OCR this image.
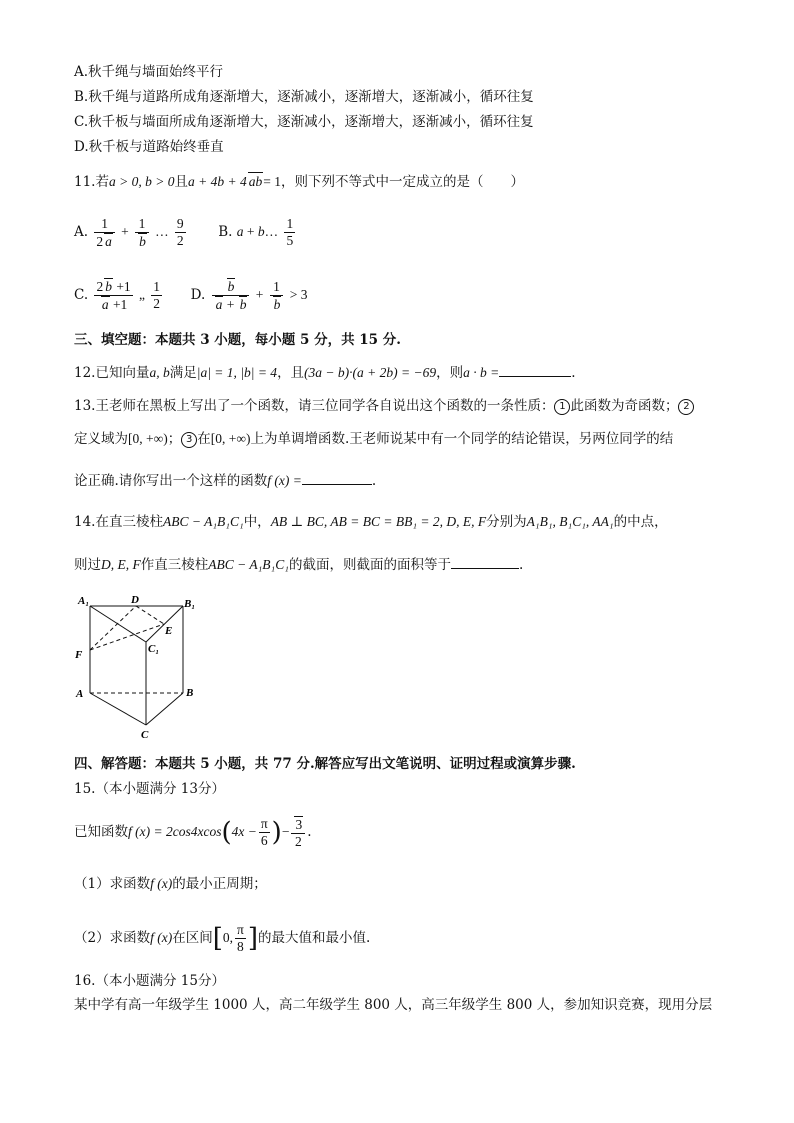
A.秋千绳与墙面始终平行
B.秋千绳与道路所成角逐渐增大，逐渐减小，逐渐增大，逐渐减小，循环往复
C.秋千板与墙面所成角逐渐增大，逐渐减小，逐渐增大，逐渐减小，循环往复
D.秋千板与道路始终垂直
11.若a > 0, b > 0且a + 4b + 4 ab= 1，则下列不等式中一定成立的是（　　）
A. $\frac{1}{2 a} + \frac{1}{b}$ … $\frac{9}{2} B$. a + b… $\frac{1}{5}$
C. $\frac{2 b +1}{a +1}$ „ $\frac{1}{2} D$. $\frac{b}{a + b} + \frac{1}{b} > 3$
三、填空题：本题共 3 小题，每小题 5 分，共 15 分.
12.已知向量a, b满足|a| = 1, |b| = 4，且(3a − b)·(a + 2b) = −69，则a · b =	.
13.王老师在黑板上写出了一个函数，请三位同学各自说出这个函数的一条性质： 1 此函数为奇函数； 2
定义域为[0, +∞)； 3 在[0, +∞)上为单调增函数.王老师说某中有一个同学的结论错误，另两位同学的结
论正确.请你写出一个这样的函数f (x) =	.
14.在直三棱柱ABC − A₁B₁C₁中，AB ⊥ BC, AB = BC = BB₁ = 2, D, E, F分别为A₁B₁, B₁C₁, AA₁的中点，
则过D, E, F作直三棱柱ABC − A₁B₁C₁的截面，则截面的面积等于	.
A₁	D	B₁
E
C₁
F
A	B
C
四、解答题：本题共 5 小题，共 77 分.解答应写出文笔说明、证明过程或演算步骤.
15.（本小题满分 13分）
已知函数f $(x) = 2\cos 4xcos(4x - \frac{\pi}{6}$ )− $\frac{3}{2}$ .
（1）求函数f (x)的最小正周期；
（2）求函数f (x)在区间[0, $\frac{\pi}{8}$ ]的最大值和最小值.
16.（本小题满分 15分）
某中学有高一年级学生 1000 人，高二年级学生 800 人，高三年级学生 800 人，参加知识竞赛，现用分层
